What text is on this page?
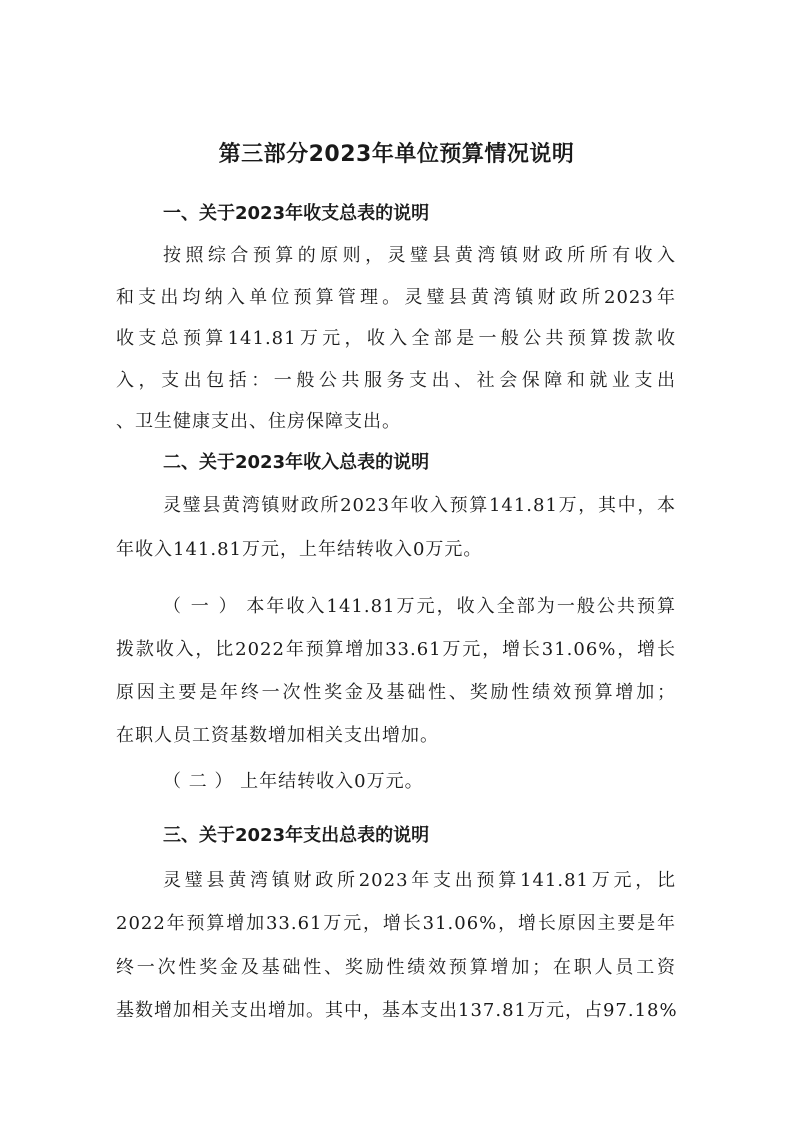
第三部分2023年单位预算情况说明
一、关于2023年收支总表的说明
按照综合预算的原则，灵璧县黄湾镇财政所所有收入
和支出均纳入单位预算管理。灵璧县黄湾镇财政所2023年
收支总预算141.81万元，收入全部是一般公共预算拨款收
入，支出包括：一般公共服务支出、社会保障和就业支出
、卫生健康支出、住房保障支出。
二、关于2023年收入总表的说明
灵璧县黄湾镇财政所2023年收入预算141.81万，其中，本
年收入141.81万元，上年结转收入0万元。
（ 一 ） 本年收入141.81万元，收入全部为一般公共预算
拨款收入，比2022年预算增加33.61万元，增长31.06%，增长
原因主要是年终一次性奖金及基础性、奖励性绩效预算增加；
在职人员工资基数增加相关支出增加。
（ 二 ） 上年结转收入0万元。
三、关于2023年支出总表的说明
灵璧县黄湾镇财政所2023年支出预算141.81万元，比
2022年预算增加33.61万元，增长31.06%，增长原因主要是年
终一次性奖金及基础性、奖励性绩效预算增加；在职人员工资
基数增加相关支出增加。其中，基本支出137.81万元，占97.18%
